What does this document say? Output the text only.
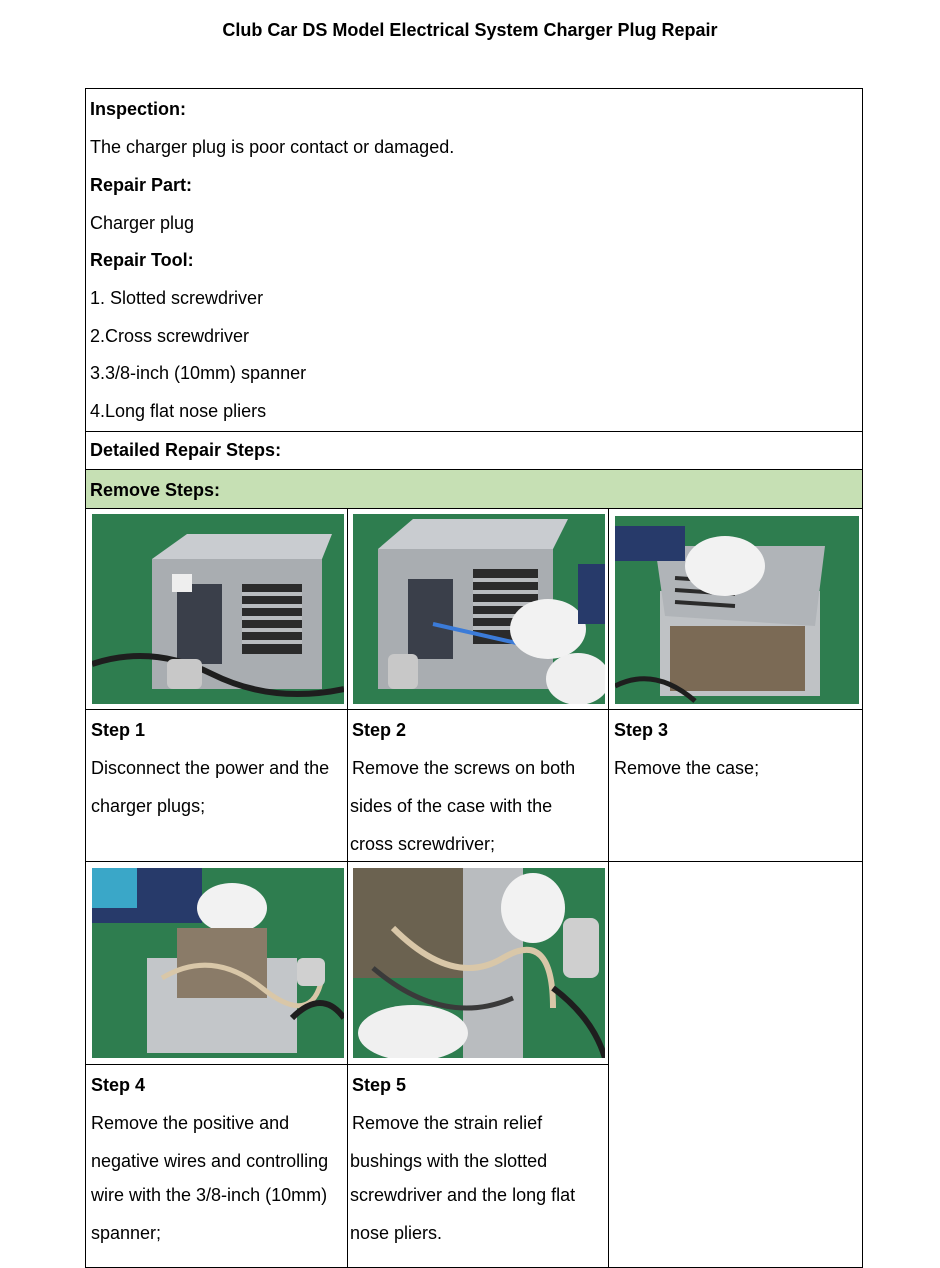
Club Car DS Model Electrical System Charger Plug Repair
Inspection:
The charger plug is poor contact or damaged.
Repair Part:
Charger plug
Repair Tool:
1. Slotted screwdriver
2.Cross screwdriver
3.3/8-inch (10mm) spanner
4.Long flat nose pliers
Detailed Repair Steps:
Remove Steps:
Step 1
Disconnect the power and the
charger plugs;
Step 2
Remove the screws on both
sides of the case with the
cross screwdriver;
Step 3
Remove the case;
Step 4
Remove the positive and
negative wires and controlling
wire with the 3/8-inch (10mm)
spanner;
Step 5
Remove the strain relief
bushings with the slotted
screwdriver and the long flat
nose pliers.
